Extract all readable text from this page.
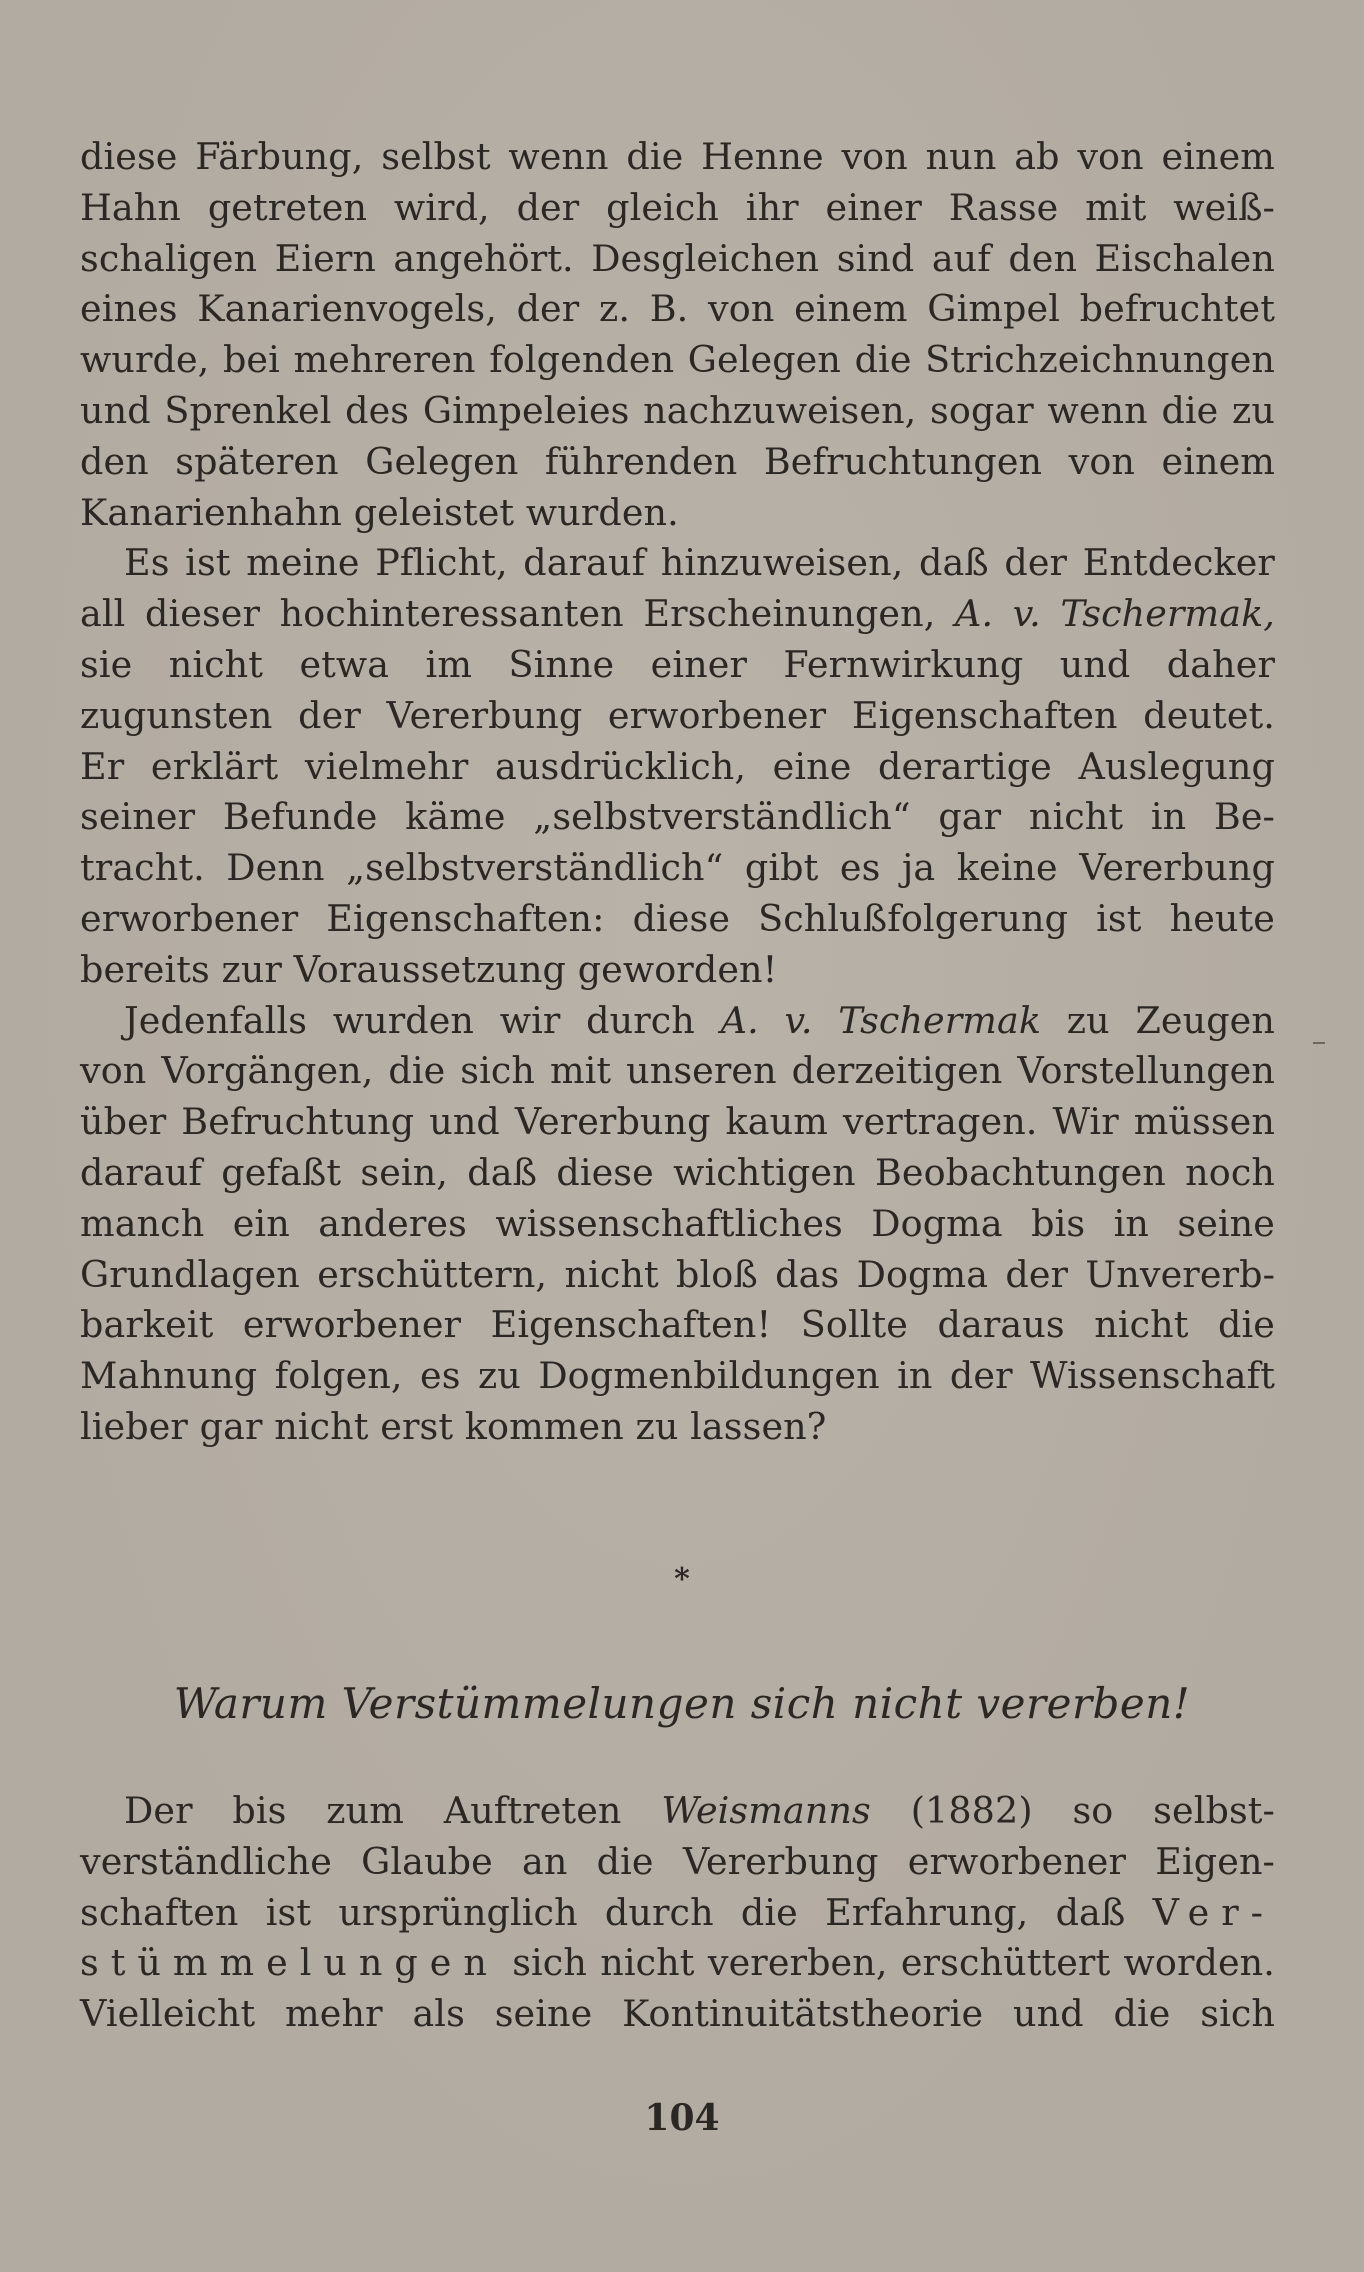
diese Färbung, selbst wenn die Henne von nun ab von einem
Hahn getreten wird, der gleich ihr einer Rasse mit weiß-
schaligen Eiern angehört. Desgleichen sind auf den Eischalen
eines Kanarienvogels, der z. B. von einem Gimpel befruchtet
wurde, bei mehreren folgenden Gelegen die Strichzeichnungen
und Sprenkel des Gimpeleies nachzuweisen, sogar wenn die zu
den späteren Gelegen führenden Befruchtungen von einem
Kanarienhahn geleistet wurden.
Es ist meine Pflicht, darauf hinzuweisen, daß der Entdecker
all dieser hochinteressanten Erscheinungen, A. v. Tschermak,
sie nicht etwa im Sinne einer Fernwirkung und daher
zugunsten der Vererbung erworbener Eigenschaften deutet.
Er erklärt vielmehr ausdrücklich, eine derartige Auslegung
seiner Befunde käme „selbstverständlich“ gar nicht in Be-
tracht. Denn „selbstverständlich“ gibt es ja keine Vererbung
erworbener Eigenschaften: diese Schlußfolgerung ist heute
bereits zur Voraussetzung geworden!
Jedenfalls wurden wir durch A. v. Tschermak zu Zeugen
von Vorgängen, die sich mit unseren derzeitigen Vorstellungen
über Befruchtung und Vererbung kaum vertragen. Wir müssen
darauf gefaßt sein, daß diese wichtigen Beobachtungen noch
manch ein anderes wissenschaftliches Dogma bis in seine
Grundlagen erschüttern, nicht bloß das Dogma der Unvererb-
barkeit erworbener Eigenschaften! Sollte daraus nicht die
Mahnung folgen, es zu Dogmenbildungen in der Wissenschaft
lieber gar nicht erst kommen zu lassen?
*
Warum Verstümmelungen sich nicht vererben!
Der bis zum Auftreten Weismanns (1882) so selbst-
verständliche Glaube an die Vererbung erworbener Eigen-
schaften ist ursprünglich durch die Erfahrung, daß Ver-
stümmelungen sich nicht vererben, erschüttert worden.
Vielleicht mehr als seine Kontinuitätstheorie und die sich
104
